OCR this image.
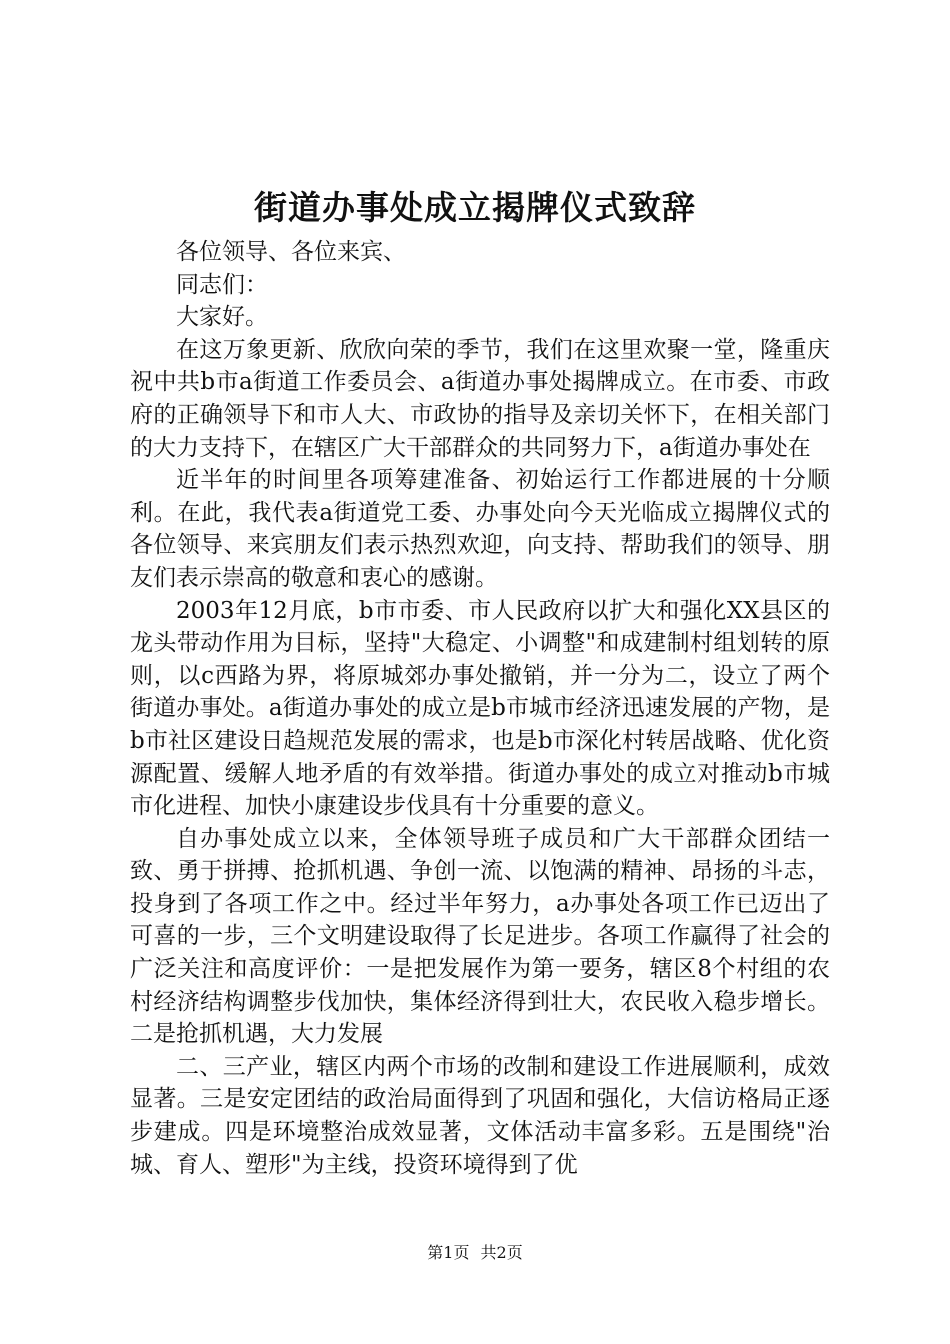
街道办事处成立揭牌仪式致辞

各位领导、各位来宾、

同志们：

大家好。

在这万象更新、欣欣向荣的季节，我们在这里欢聚一堂，隆重庆祝中共b市a街道工作委员会、a街道办事处揭牌成立。在市委、市政府的正确领导下和市人大、市政协的指导及亲切关怀下，在相关部门的大力支持下，在辖区广大干部群众的共同努力下，a街道办事处在

近半年的时间里各项筹建准备、初始运行工作都进展的十分顺利。在此，我代表a街道党工委、办事处向今天光临成立揭牌仪式的各位领导、来宾朋友们表示热烈欢迎，向支持、帮助我们的领导、朋友们表示崇高的敬意和衷心的感谢。

2003年12月底，b市市委、市人民政府以扩大和强化XX县区的龙头带动作用为目标，坚持"大稳定、小调整"和成建制村组划转的原则，以c西路为界，将原城郊办事处撤销，并一分为二，设立了两个街道办事处。a街道办事处的成立是b市城市经济迅速发展的产物，是b市社区建设日趋规范发展的需求，也是b市深化村转居战略、优化资源配置、缓解人地矛盾的有效举措。街道办事处的成立对推动b市城市化进程、加快小康建设步伐具有十分重要的意义。

自办事处成立以来，全体领导班子成员和广大干部群众团结一致、勇于拼搏、抢抓机遇、争创一流、以饱满的精神、昂扬的斗志，投身到了各项工作之中。经过半年努力，a办事处各项工作已迈出了可喜的一步，三个文明建设取得了长足进步。各项工作赢得了社会的广泛关注和高度评价：一是把发展作为第一要务，辖区8个村组的农村经济结构调整步伐加快，集体经济得到壮大，农民收入稳步增长。二是抢抓机遇，大力发展

二、三产业，辖区内两个市场的改制和建设工作进展顺利，成效显著。三是安定团结的政治局面得到了巩固和强化，大信访格局正逐步建成。四是环境整治成效显著，文体活动丰富多彩。五是围绕"治城、育人、塑形"为主线，投资环境得到了优

第1页 共2页
